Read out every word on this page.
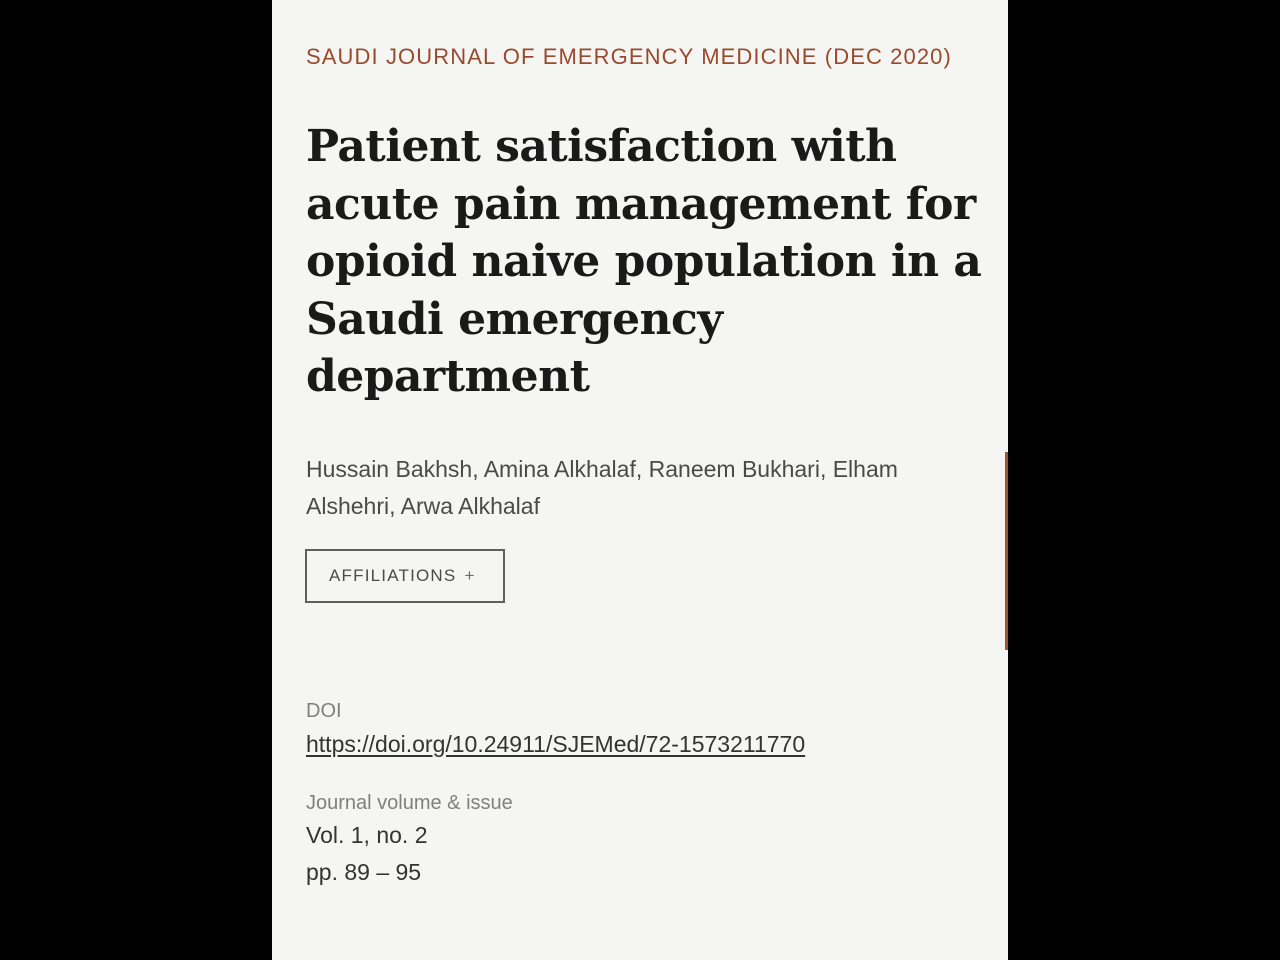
SAUDI JOURNAL OF EMERGENCY MEDICINE (DEC 2020)
Patient satisfaction with acute pain management for opioid naive population in a Saudi emergency department
Hussain Bakhsh, Amina Alkhalaf, Raneem Bukhari, Elham Alshehri, Arwa Alkhalaf
AFFILIATIONS +
DOI
https://doi.org/10.24911/SJEMed/72-1573211770
Journal volume & issue
Vol. 1, no. 2
pp. 89 – 95
